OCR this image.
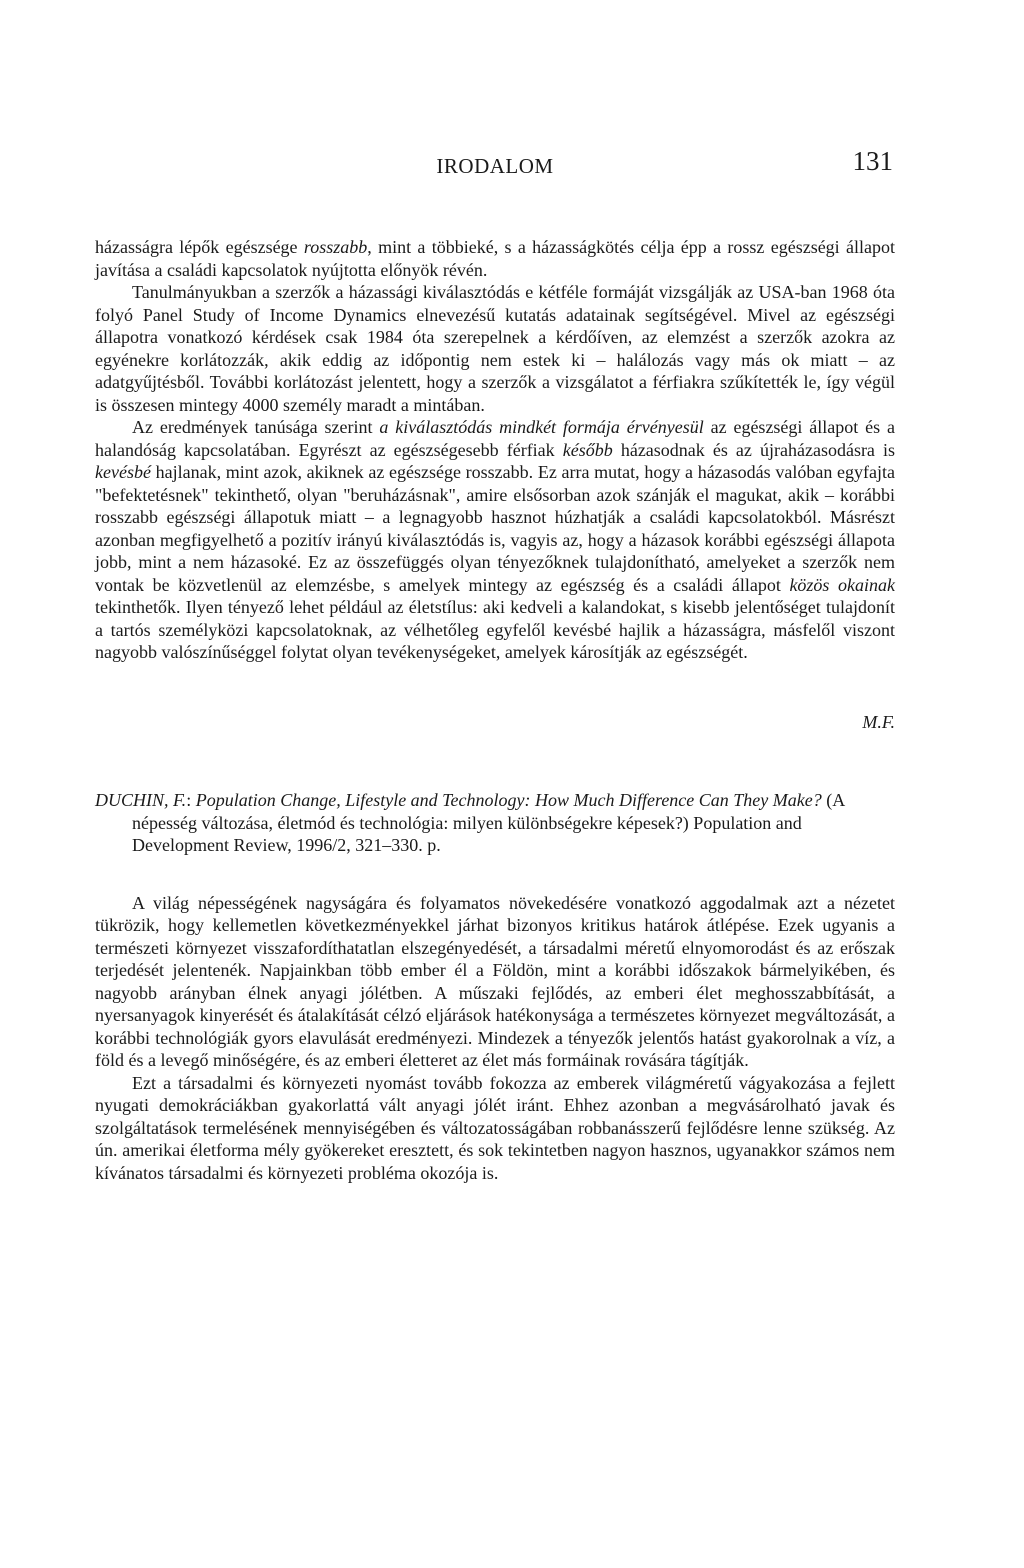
IRODALOM	131

házasságra lépők egészsége rosszabb, mint a többieké, s a házasságkötés célja épp a rossz egészségi állapot javítása a családi kapcsolatok nyújtotta előnyök révén.

Tanulmányukban a szerzők a házassági kiválasztódás e kétféle formáját vizsgálják az USA-ban 1968 óta folyó Panel Study of Income Dynamics elnevezésű kutatás adatainak segítségével. Mivel az egészségi állapotra vonatkozó kérdések csak 1984 óta szerepelnek a kérdőíven, az elemzést a szerzők azokra az egyénekre korlátozzák, akik eddig az időpontig nem estek ki – halálozás vagy más ok miatt – az adatgyűjtésből. További korlátozást jelentett, hogy a szerzők a vizsgálatot a férfiakra szűkítették le, így végül is összesen mintegy 4000 személy maradt a mintában.

Az eredmények tanúsága szerint a kiválasztódás mindkét formája érvényesül az egészségi állapot és a halandóság kapcsolatában. Egyrészt az egészségesebb férfiak később házasodnak és az újraházasodásra is kevésbé hajlanak, mint azok, akiknek az egészsége rosszabb. Ez arra mutat, hogy a házasodás valóban egyfajta "befektetésnek" tekinthető, olyan "beruházásnak", amire elsősorban azok szánják el magukat, akik – korábbi rosszabb egészségi állapotuk miatt – a legnagyobb hasznot húzhatják a családi kapcsolatokból. Másrészt azonban megfigyelhető a pozitív irányú kiválasztódás is, vagyis az, hogy a házasok korábbi egészségi állapota jobb, mint a nem házasoké. Ez az összefüggés olyan tényezőknek tulajdonítható, amelyeket a szerzők nem vontak be közvetlenül az elemzésbe, s amelyek mintegy az egészség és a családi állapot közös okainak tekinthetők. Ilyen tényező lehet például az életstílus: aki kedveli a kalandokat, s kisebb jelentőséget tulajdonít a tartós személyközi kapcsolatoknak, az vélhetőleg egyfelől kevésbé hajlik a házasságra, másfelől viszont nagyobb valószínűséggel folytat olyan tevékenységeket, amelyek károsítják az egészségét.

M.F.
DUCHIN, F.: Population Change, Lifestyle and Technology: How Much Difference Can They Make? (A népesség változása, életmód és technológia: milyen különbségekre képesek?) Population and Development Review, 1996/2, 321–330. p.

A világ népességének nagyságára és folyamatos növekedésére vonatkozó aggodalmak azt a nézetet tükrözik, hogy kellemetlen következményekkel járhat bizonyos kritikus határok átlépése. Ezek ugyanis a természeti környezet visszafordíthatatlan elszegényedését, a társadalmi méretű elnyomorodást és az erőszak terjedését jelentenék. Napjainkban több ember él a Földön, mint a korábbi időszakok bármelyikében, és nagyobb arányban élnek anyagi jólétben. A műszaki fejlődés, az emberi élet meghosszabbítását, a nyersanyagok kinyerését és átalakítását célzó eljárások hatékonysága a természetes környezet megváltozását, a korábbi technológiák gyors elavulását eredményezi. Mindezek a tényezők jelentős hatást gyakorolnak a víz, a föld és a levegő minőségére, és az emberi életteret az élet más formáinak rovására tágítják.

Ezt a társadalmi és környezeti nyomást tovább fokozza az emberek világméretű vágyakozása a fejlett nyugati demokráciákban gyakorlattá vált anyagi jólét iránt. Ehhez azonban a megvásárolható javak és szolgáltatások termelésének mennyiségében és változatosságában robbanásszerű fejlődésre lenne szükség. Az ún. amerikai életforma mély gyökereket eresztett, és sok tekintetben nagyon hasznos, ugyanakkor számos nem kívánatos társadalmi és környezeti probléma okozója is.
